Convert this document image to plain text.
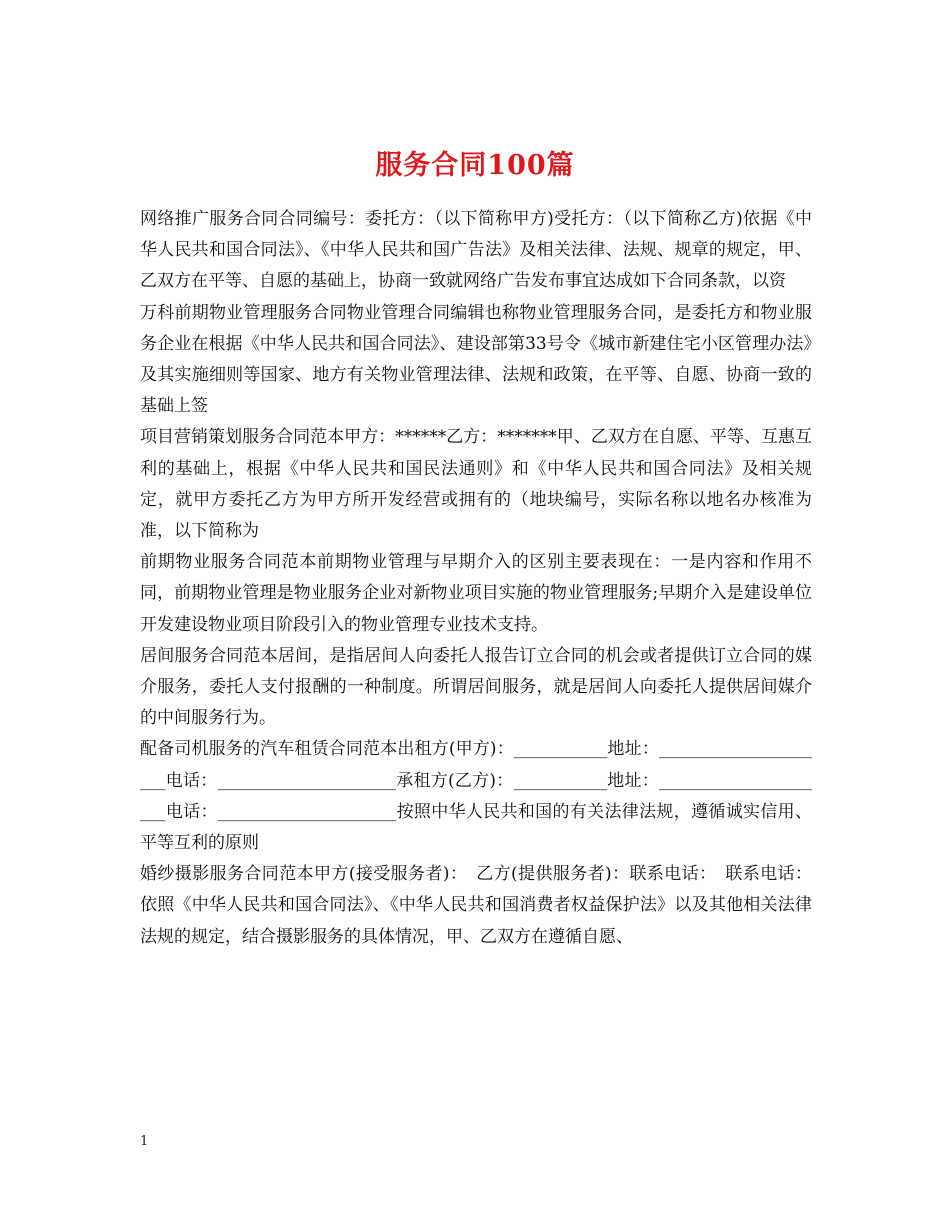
服务合同100篇

网络推广服务合同合同编号：委托方：（以下简称甲方)受托方：（以下简称乙方)依据《中华人民共和国合同法》、《中华人民共和国广告法》及相关法律、法规、规章的规定，甲、乙双方在平等、自愿的基础上，协商一致就网络广告发布事宜达成如下合同条款，以资

万科前期物业管理服务合同物业管理合同编辑也称物业管理服务合同，是委托方和物业服务企业在根据《中华人民共和国合同法》、建设部第33号令《城市新建住宅小区管理办法》及其实施细则等国家、地方有关物业管理法律、法规和政策，在平等、自愿、协商一致的基础上签

项目营销策划服务合同范本甲方：******乙方：*******甲、乙双方在自愿、平等、互惠互利的基础上，根据《中华人民共和国民法通则》和《中华人民共和国合同法》及相关规定，就甲方委托乙方为甲方所开发经营或拥有的（地块编号，实际名称以地名办核准为准，以下简称为

前期物业服务合同范本前期物业管理与早期介入的区别主要表现在：一是内容和作用不同，前期物业管理是物业服务企业对新物业项目实施的物业管理服务;早期介入是建设单位开发建设物业项目阶段引入的物业管理专业技术支持。

居间服务合同范本居间，是指居间人向委托人报告订立合同的机会或者提供订立合同的媒介服务，委托人支付报酬的一种制度。所谓居间服务，就是居间人向委托人提供居间媒介的中间服务行为。

配备司机服务的汽车租赁合同范本出租方(甲方)：___________地址：_____________________电话：_____________________承租方(乙方)：___________地址：_____________________电话：_____________________按照中华人民共和国的有关法律法规，遵循诚实信用、平等互利的原则

婚纱摄影服务合同范本甲方(接受服务者)：　乙方(提供服务者)：联系电话：　联系电话：依照《中华人民共和国合同法》、《中华人民共和国消费者权益保护法》以及其他相关法律法规的规定，结合摄影服务的具体情况，甲、乙双方在遵循自愿、

1
